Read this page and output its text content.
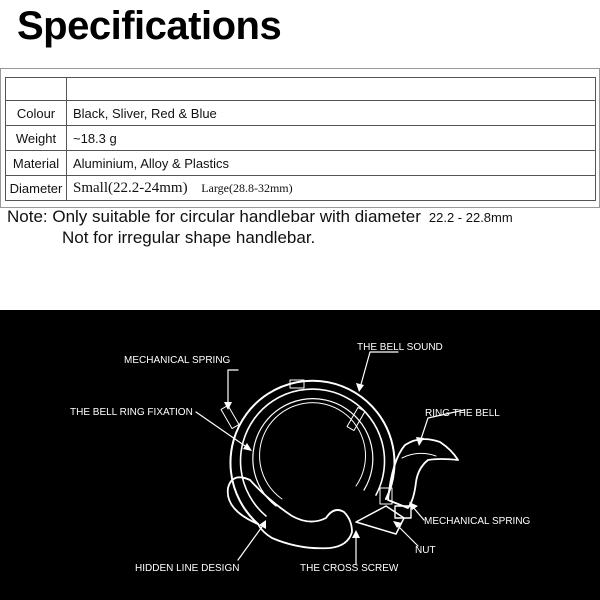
Specifications

Colour	Black, Sliver, Red & Blue
Weight	~18.3 g
Material	Aluminium, Alloy & Plastics
Diameter	Small(22.2-24mm) Large(28.8-32mm)
Note: Only suitable for circular handlebar with diameter 22.2 - 22.8mm
Not for irregular shape handlebar.
MECHANICAL SPRING
THE BELL SOUND
THE BELL RING FIXATION	RING THE BELL
MECHANICAL SPRING
NUT
HIDDEN LINE DESIGN	THE CROSS SCREW
